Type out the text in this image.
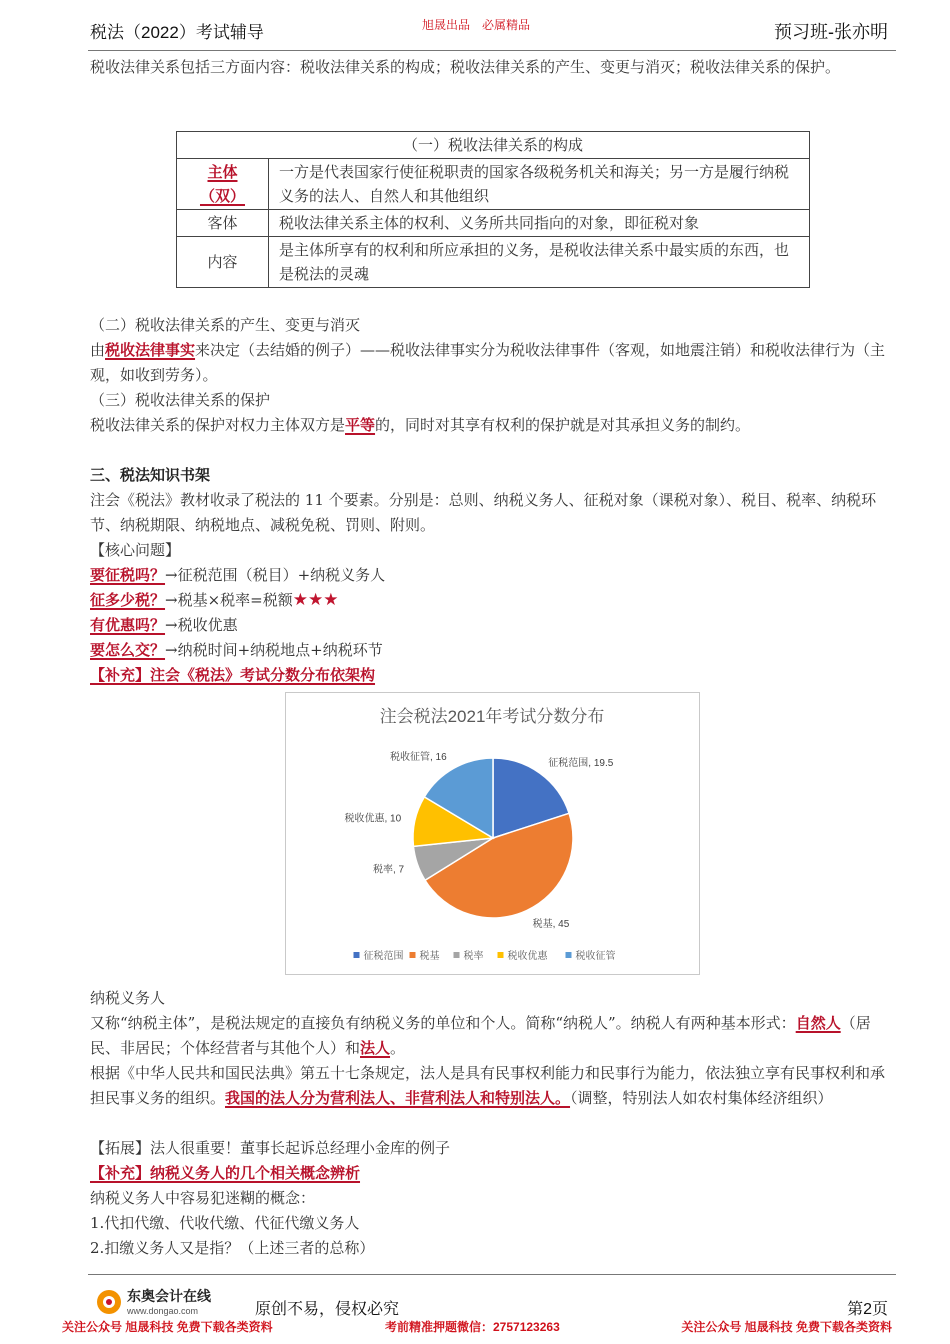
税法（2022）考试辅导	旭晟出品　必属精品	预习班-张亦明
税收法律关系包括三方面内容：税收法律关系的构成；税收法律关系的产生、变更与消灭；税收法律关系的保护。
（一）税收法律关系的构成	
主体
（双）	一方是代表国家行使征税职责的国家各级税务机关和海关；另一方是履行纳税义务的法人、自然人和其他组织
客体	税收法律关系主体的权利、义务所共同指向的对象，即征税对象
内容	是主体所享有的权利和所应承担的义务，是税收法律关系中最实质的东西，也是税法的灵魂
（二）税收法律关系的产生、变更与消灭
由税收法律事实来决定（去结婚的例子）——税收法律事实分为税收法律事件（客观，如地震注销）和税收法律行为（主观，如收到劳务）。
（三）税收法律关系的保护
税收法律关系的保护对权力主体双方是平等的，同时对其享有权利的保护就是对其承担义务的制约。
三、税法知识书架
注会《税法》教材收录了税法的 11 个要素。分别是：总则、纳税义务人、征税对象（课税对象）、税目、税率、纳税环节、纳税期限、纳税地点、减税免税、罚则、附则。
【核心问题】
要征税吗？→征税范围（税目）+纳税义务人
征多少税？→税基×税率=税额★★★
有优惠吗？→税收优惠
要怎么交？→纳税时间+纳税地点+纳税环节
【补充】注会《税法》考试分数分布依架构
注会税法2021年考试分数分布
征税范围, 19.5
税基, 45
税率, 7
税收优惠, 10
税收征管, 16
征税范围 税基 税率 税收优惠	税收征管
纳税义务人
又称“纳税主体”，是税法规定的直接负有纳税义务的单位和个人。简称“纳税人”。纳税人有两种基本形式：自然人（居民、非居民；个体经营者与其他个人）和法人。
根据《中华人民共和国民法典》第五十七条规定，法人是具有民事权利能力和民事行为能力，依法独立享有民事权利和承担民事义务的组织。我国的法人分为营利法人、非营利法人和特别法人。（调整，特别法人如农村集体经济组织）
【拓展】法人很重要！董事长起诉总经理小金库的例子
【补充】纳税义务人的几个相关概念辨析
纳税义务人中容易犯迷糊的概念：
1.代扣代缴、代收代缴、代征代缴义务人
2.扣缴义务人又是指？（上述三者的总称）
东奥会计在线
www.dongao.com	原创不易，侵权必究	第2页
关注公众号 旭晟科技 免费下载各类资料	考前精准押题微信：2757123263	关注公众号 旭晟科技 免费下载各类资料
